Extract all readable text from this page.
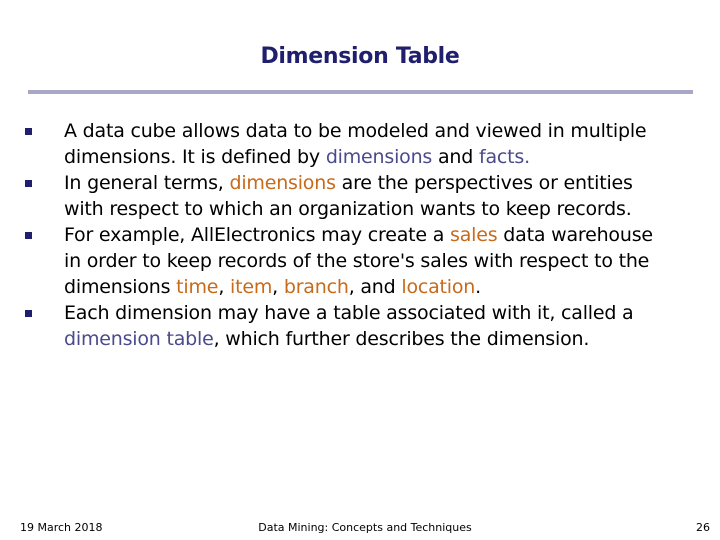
Dimension Table
A data cube allows data to be modeled and viewed in multiple dimensions. It is defined by dimensions and facts.
In general terms, dimensions are the perspectives or entities with respect to which an organization wants to keep records.
For example, AllElectronics may create a sales data warehouse in order to keep records of the store's sales with respect to the dimensions time, item, branch, and location.
Each dimension may have a table associated with it, called a dimension table, which further describes the dimension.
19 March 2018	Data Mining: Concepts and Techniques	26
